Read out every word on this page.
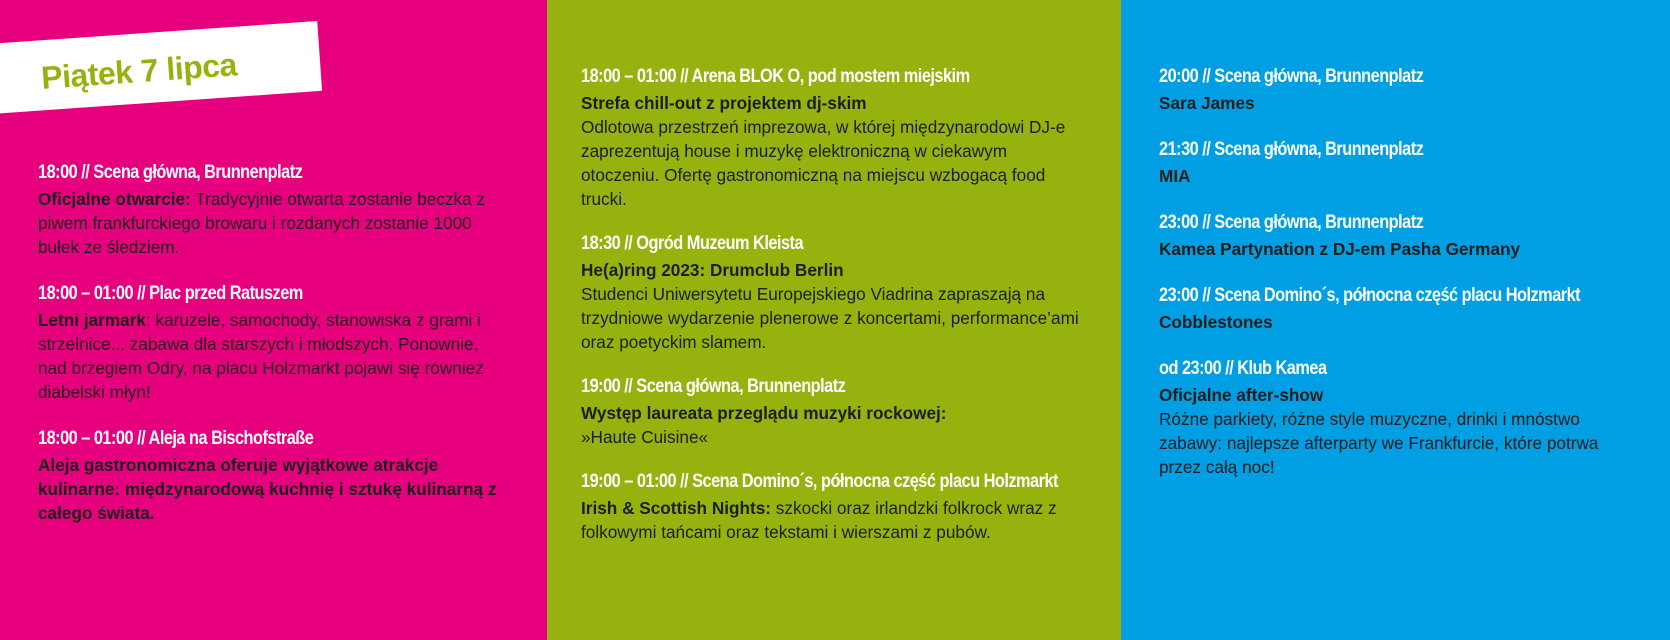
Piątek 7 lipca
18:00 // Scena główna, Brunnenplatz
Oficjalne otwarcie: Tradycyjnie otwarta zostanie beczka z piwem frankfurckiego browaru i rozdanych zostanie 1000 bułek ze śledziem.
18:00 – 01:00 // Plac przed Ratuszem
Letni jarmark: karuzele, samochody, stanowiska z grami i strzelnice... zabawa dla starszych i młodszych. Ponownie, nad brzegiem Odry, na placu Holzmarkt pojawi się również diabelski młyn!
18:00 – 01:00 // Aleja na Bischofstraße
Aleja gastronomiczna oferuje wyjątkowe atrakcje kulinarne: międzynarodową kuchnię i sztukę kulinarną z całego świata.
18:00 – 01:00 // Arena BLOK O, pod mostem miejskim
Strefa chill-out z projektem dj-skim
Odlotowa przestrzeń imprezowa, w której międzynarodowi DJ-e zaprezentują house i muzykę elektroniczną w ciekawym otoczeniu. Ofertę gastronomiczną na miejscu wzbogacą food trucki.
18:30 // Ogród Muzeum Kleista
He(a)ring 2023: Drumclub Berlin
Studenci Uniwersytetu Europejskiego Viadrina zapraszają na trzydniowe wydarzenie plenerowe z koncertami, performance’ami oraz poetyckim slamem.
19:00 // Scena główna, Brunnenplatz
Występ laureata przeglądu muzyki rockowej:
»Haute Cuisine«
19:00 – 01:00 // Scena Domino´s, północna część placu Holzmarkt
Irish & Scottish Nights: szkocki oraz irlandzki folkrock wraz z folkowymi tańcami oraz tekstami i wierszami z pubów.
20:00 // Scena główna, Brunnenplatz
Sara James
21:30 // Scena główna, Brunnenplatz
MIA
23:00 // Scena główna, Brunnenplatz
Kamea Partynation z DJ-em Pasha Germany
23:00 // Scena Domino´s, północna część placu Holzmarkt
Cobblestones
od 23:00 // Klub Kamea
Oficjalne after-show
Różne parkiety, różne style muzyczne, drinki i mnóstwo zabawy: najlepsze afterparty we Frankfurcie, które potrwa przez całą noc!
